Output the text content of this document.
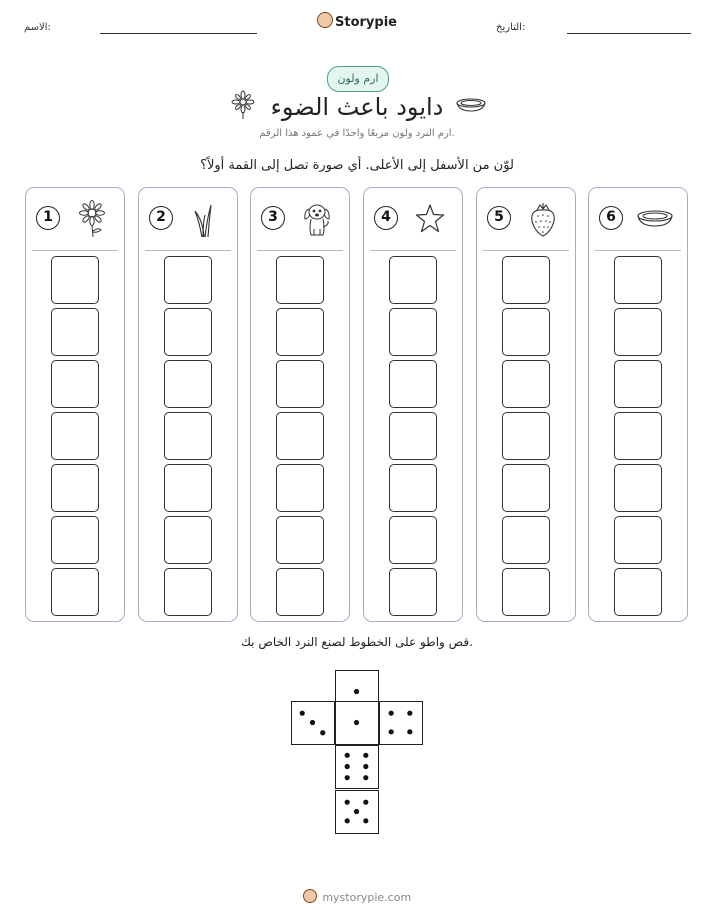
الاسم:	Storypie	التاريخ:
ارم ولون
دايود باعث الضوء
ارم النرد ولون مربعًا واحدًا في عمود هذا الرقم.
لوّن من الأسفل إلى الأعلى. أي صورة تصل إلى القمة أولاً؟
1	2	3	4	5	6
قص واطو على الخطوط لصنع النرد الخاص بك.
mystorypie.com
